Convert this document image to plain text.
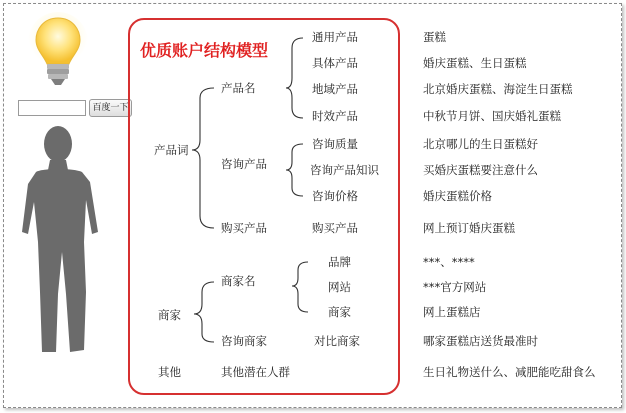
百度一下
优质账户结构模型
产品词
商家
其他
产品名
咨询产品
购买产品
商家名
咨询商家
其他潜在人群
通用产品
具体产品
地域产品
时效产品
咨询质量
咨询产品知识
咨询价格
购买产品
品牌
网站
商家
对比商家
蛋糕
婚庆蛋糕、生日蛋糕
北京婚庆蛋糕、海淀生日蛋糕
中秋节月饼、国庆婚礼蛋糕
北京哪儿的生日蛋糕好
买婚庆蛋糕要注意什么
婚庆蛋糕价格
网上预订婚庆蛋糕
***、****
***官方网站
网上蛋糕店
哪家蛋糕店送货最准时
生日礼物送什么、减肥能吃甜食么
